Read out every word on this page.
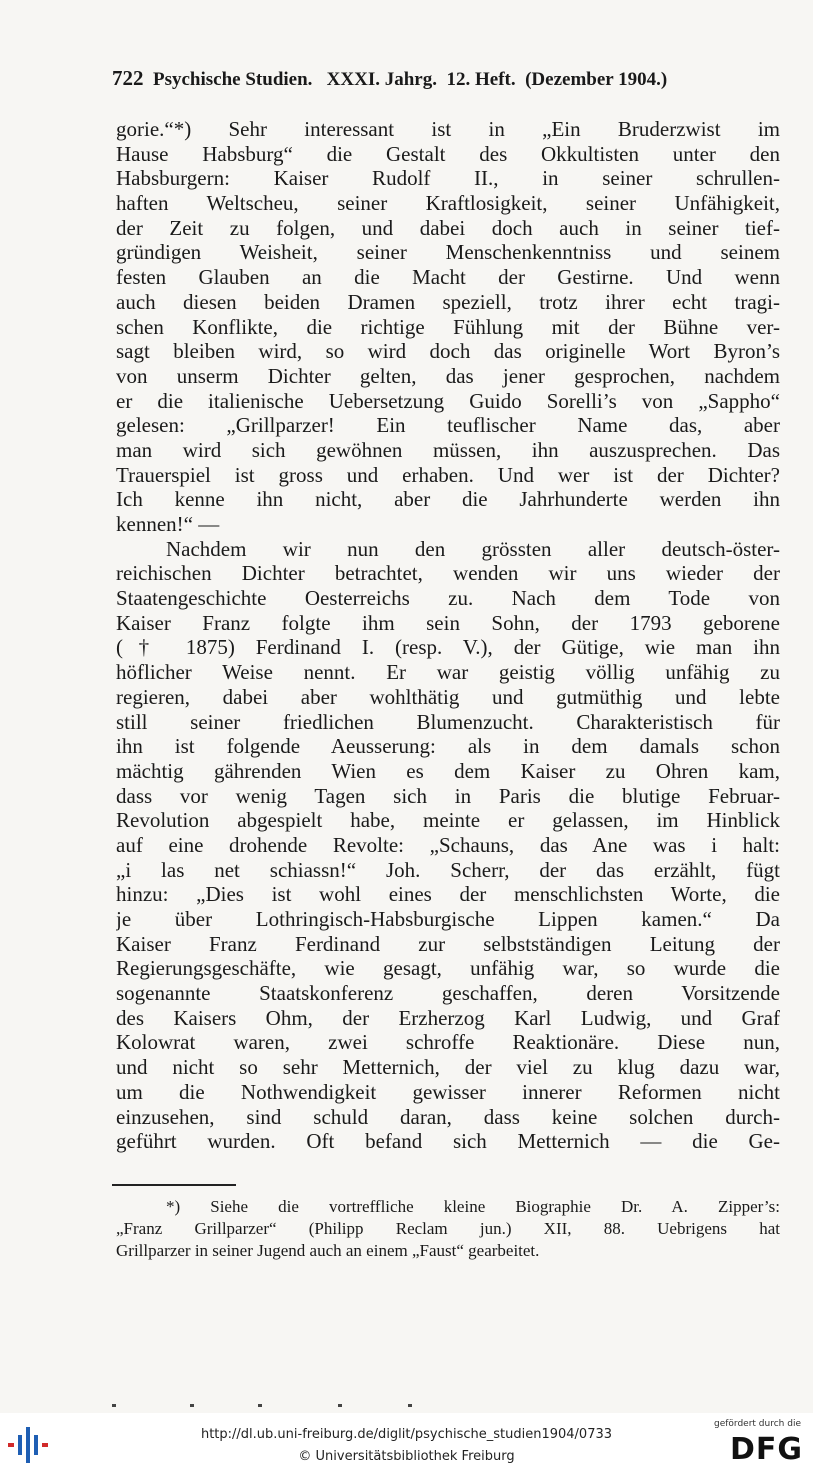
722 Psychische Studien. XXXI. Jahrg. 12. Heft. (Dezember 1904.)
gorie.“*) Sehr interessant ist in „Ein Bruderzwist im
Hause Habsburg“ die Gestalt des Okkultisten unter den
Habsburgern: Kaiser Rudolf II., in seiner schrullen-
haften Weltscheu, seiner Kraftlosigkeit, seiner Unfähigkeit,
der Zeit zu folgen, und dabei doch auch in seiner tief-
gründigen Weisheit, seiner Menschenkenntniss und seinem
festen Glauben an die Macht der Gestirne. Und wenn
auch diesen beiden Dramen speziell, trotz ihrer echt tragi-
schen Konflikte, die richtige Fühlung mit der Bühne ver-
sagt bleiben wird, so wird doch das originelle Wort Byron’s
von unserm Dichter gelten, das jener gesprochen, nachdem
er die italienische Uebersetzung Guido Sorelli’s von „Sappho“
gelesen: „Grillparzer! Ein teuflischer Name das, aber
man wird sich gewöhnen müssen, ihn auszusprechen. Das
Trauerspiel ist gross und erhaben. Und wer ist der Dichter?
Ich kenne ihn nicht, aber die Jahrhunderte werden ihn
kennen!“ —
Nachdem wir nun den grössten aller deutsch-öster-
reichischen Dichter betrachtet, wenden wir uns wieder der
Staatengeschichte Oesterreichs zu. Nach dem Tode von
Kaiser Franz folgte ihm sein Sohn, der 1793 geborene
(† 1875) Ferdinand I. (resp. V.), der Gütige, wie man ihn
höflicher Weise nennt. Er war geistig völlig unfähig zu
regieren, dabei aber wohlthätig und gutmüthig und lebte
still seiner friedlichen Blumenzucht. Charakteristisch für
ihn ist folgende Aeusserung: als in dem damals schon
mächtig gährenden Wien es dem Kaiser zu Ohren kam,
dass vor wenig Tagen sich in Paris die blutige Februar-
Revolution abgespielt habe, meinte er gelassen, im Hinblick
auf eine drohende Revolte: „Schauns, das Ane was i halt:
„i las net schiassn!“ Joh. Scherr, der das erzählt, fügt
hinzu: „Dies ist wohl eines der menschlichsten Worte, die
je über Lothringisch-Habsburgische Lippen kamen.“ Da
Kaiser Franz Ferdinand zur selbstständigen Leitung der
Regierungsgeschäfte, wie gesagt, unfähig war, so wurde die
sogenannte Staatskonferenz geschaffen, deren Vorsitzende
des Kaisers Ohm, der Erzherzog Karl Ludwig, und Graf
Kolowrat waren, zwei schroffe Reaktionäre. Diese nun,
und nicht so sehr Metternich, der viel zu klug dazu war,
um die Nothwendigkeit gewisser innerer Reformen nicht
einzusehen, sind schuld daran, dass keine solchen durch-
geführt wurden. Oft befand sich Metternich — die Ge-
*) Siehe die vortreffliche kleine Biographie Dr. A. Zipper’s:
„Franz Grillparzer“ (Philipp Reclam jun.) XII, 88. Uebrigens hat
Grillparzer in seiner Jugend auch an einem „Faust“ gearbeitet.
http://dl.ub.uni-freiburg.de/diglit/psychische_studien1904/0733
© Universitätsbibliothek Freiburg
gefördert durch die
DFG
